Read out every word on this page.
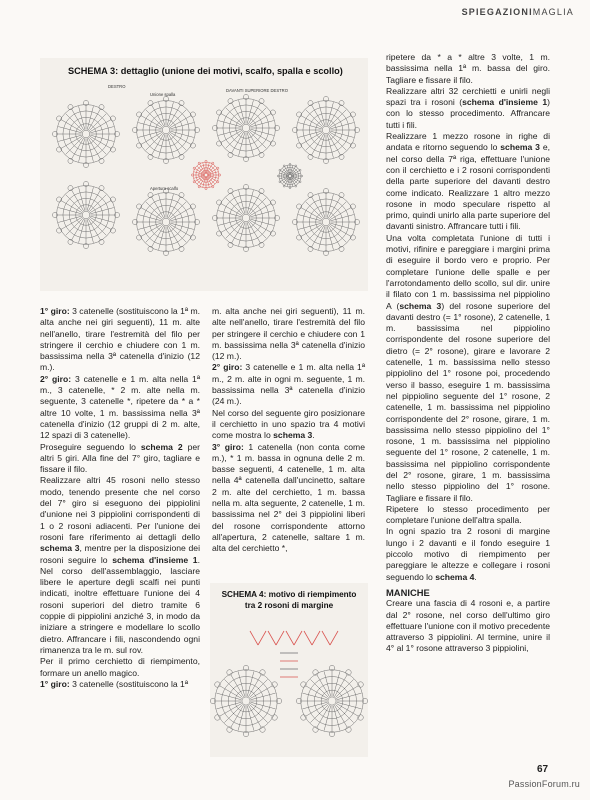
SPIEGAZIONIMAGLIA
SCHEMA 3: dettaglio (unione dei motivi, scalfo, spalla e scollo)
DESTRO
Unione spalla
DAVANTI SUPERIORE DESTRO
Apertura scalfo

1° giro: 3 catenelle (sostituiscono la 1ª m. alta anche nei giri seguenti), 11 m. alte nell'anello, tirare l'estremità del filo per stringere il cerchio e chiudere con 1 m. bassissima nella 3ª catenella d'inizio (12 m.).

2° giro: 3 catenelle e 1 m. alta nella 1ª m., 3 catenelle, * 2 m. alte nella m. seguente, 3 catenelle *, ripetere da * a * altre 10 volte, 1 m. bassissima nella 3ª catenella d'inizio (12 gruppi di 2 m. alte, 12 spazi di 3 catenelle).

Proseguire seguendo lo schema 2 per altri 5 giri. Alla fine del 7° giro, tagliare e fissare il filo.

Realizzare altri 45 rosoni nello stesso modo, tenendo presente che nel corso del 7° giro si eseguono dei pippiolini d'unione nei 3 pippiolini corrispondenti di 1 o 2 rosoni adiacenti. Per l'unione dei rosoni fare riferimento ai dettagli dello schema 3, mentre per la disposizione dei rosoni seguire lo schema d'insieme 1. Nel corso dell'assemblaggio, lasciare libere le aperture degli scalfi nei punti indicati, inoltre effettuare l'unione dei 4 rosoni superiori del dietro tramite 6 coppie di pippiolini anziché 3, in modo da iniziare a stringere e modellare lo scollo dietro. Affrancare i fili, nascondendo ogni rimanenza tra le m. sul rov.

Per il primo cerchietto di riempimento, formare un anello magico.

1° giro: 3 catenelle (sostituiscono la 1ª

m. alta anche nei giri seguenti), 11 m. alte nell'anello, tirare l'estremità del filo per stringere il cerchio e chiudere con 1 m. bassissima nella 3ª catenella d'inizio (12 m.).

2° giro: 3 catenelle e 1 m. alta nella 1ª m., 2 m. alte in ogni m. seguente, 1 m. bassissima nella 3ª catenella d'inizio (24 m.).

Nel corso del seguente giro posizionare il cerchietto in uno spazio tra 4 motivi come mostra lo schema 3.

3° giro: 1 catenella (non conta come m.), * 1 m. bassa in ognuna delle 2 m. basse seguenti, 4 catenelle, 1 m. alta nella 4ª catenella dall'uncinetto, saltare 2 m. alte del cerchietto, 1 m. bassa nella m. alta seguente, 2 catenelle, 1 m. bassissima nel 2° dei 3 pippiolini liberi del rosone corrispondente attorno all'apertura, 2 catenelle, saltare 1 m. alta del cerchietto *,

SCHEMA 4: motivo di riempimento tra 2 rosoni di margine

ripetere da * a * altre 3 volte, 1 m. bassissima nella 1ª m. bassa del giro. Tagliare e fissare il filo.

Realizzare altri 32 cerchietti e unirli negli spazi tra i rosoni (schema d'insieme 1) con lo stesso procedimento. Affrancare tutti i fili.

Realizzare 1 mezzo rosone in righe di andata e ritorno seguendo lo schema 3 e, nel corso della 7ª riga, effettuare l'unione con il cerchietto e i 2 rosoni corrispondenti della parte superiore del davanti destro come indicato. Realizzare 1 altro mezzo rosone in modo speculare rispetto al primo, quindi unirlo alla parte superiore del davanti sinistro. Affrancare tutti i fili.

Una volta completata l'unione di tutti i motivi, rifinire e pareggiare i margini prima di eseguire il bordo vero e proprio. Per completare l'unione delle spalle e per l'arrotondamento dello scollo, sul dir. unire il filato con 1 m. bassissima nel pippiolino A (schema 3) del rosone superiore del davanti destro (= 1° rosone), 2 catenelle, 1 m. bassissima nel pippiolino corrispondente del rosone superiore del dietro (= 2° rosone), girare e lavorare 2 catenelle, 1 m. bassissima nello stesso pippiolino del 1° rosone poi, procedendo verso il basso, eseguire 1 m. bassissima nel pippiolino seguente del 1° rosone, 2 catenelle, 1 m. bassissima nel pippiolino corrispondente del 2° rosone, girare, 1 m. bassissima nello stesso pippiolino del 1° rosone, 1 m. bassissima nel pippiolino seguente del 1° rosone, 2 catenelle, 1 m. bassissima nel pippiolino corrispondente del 2° rosone, girare, 1 m. bassissima nello stesso pippiolino del 1° rosone. Tagliare e fissare il filo.

Ripetere lo stesso procedimento per completare l'unione dell'altra spalla.

In ogni spazio tra 2 rosoni di margine lungo i 2 davanti e il fondo eseguire 1 piccolo motivo di riempimento per pareggiare le altezze e collegare i rosoni seguendo lo schema 4.

MANICHE

Creare una fascia di 4 rosoni e, a partire dal 2° rosone, nel corso dell'ultimo giro effettuare l'unione con il motivo precedente attraverso 3 pippiolini. Al termine, unire il 4° al 1° rosone attraverso 3 pippiolini,

67
PassionForum.ru
